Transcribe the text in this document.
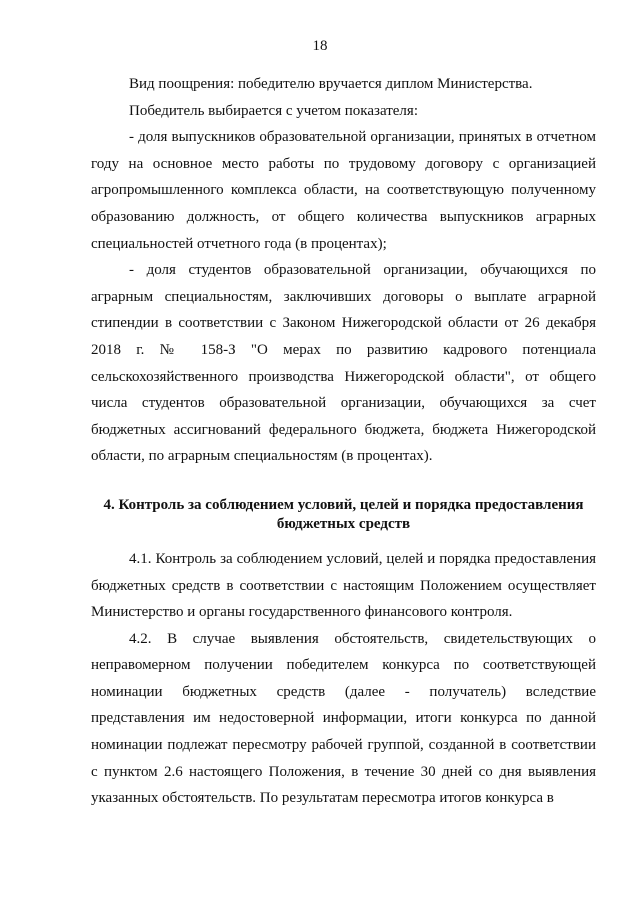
18

Вид поощрения: победителю вручается диплом Министерства.

Победитель выбирается с учетом показателя:

- доля выпускников образовательной организации, принятых в отчетном году на основное место работы по трудовому договору с организацией агропромышленного комплекса области, на соответствующую полученному образованию должность, от общего количества выпускников аграрных специальностей отчетного года (в процентах);

- доля студентов образовательной организации, обучающихся по аграрным специальностям, заключивших договоры о выплате аграрной стипендии в соответствии с Законом Нижегородской области от 26 декабря 2018 г. № 158-З "О мерах по развитию кадрового потенциала сельскохозяйственного производства Нижегородской области", от общего числа студентов образовательной организации, обучающихся за счет бюджетных ассигнований федерального бюджета, бюджета Нижегородской области, по аграрным специальностям (в процентах).

4. Контроль за соблюдением условий, целей и порядка предоставления
бюджетных средств

4.1. Контроль за соблюдением условий, целей и порядка предоставления бюджетных средств в соответствии с настоящим Положением осуществляет Министерство и органы государственного финансового контроля.

4.2. В случае выявления обстоятельств, свидетельствующих о неправомерном получении победителем конкурса по соответствующей номинации бюджетных средств (далее - получатель) вследствие представления им недостоверной информации, итоги конкурса по данной номинации подлежат пересмотру рабочей группой, созданной в соответствии с пунктом 2.6 настоящего Положения, в течение 30 дней со дня выявления указанных обстоятельств. По результатам пересмотра итогов конкурса в
